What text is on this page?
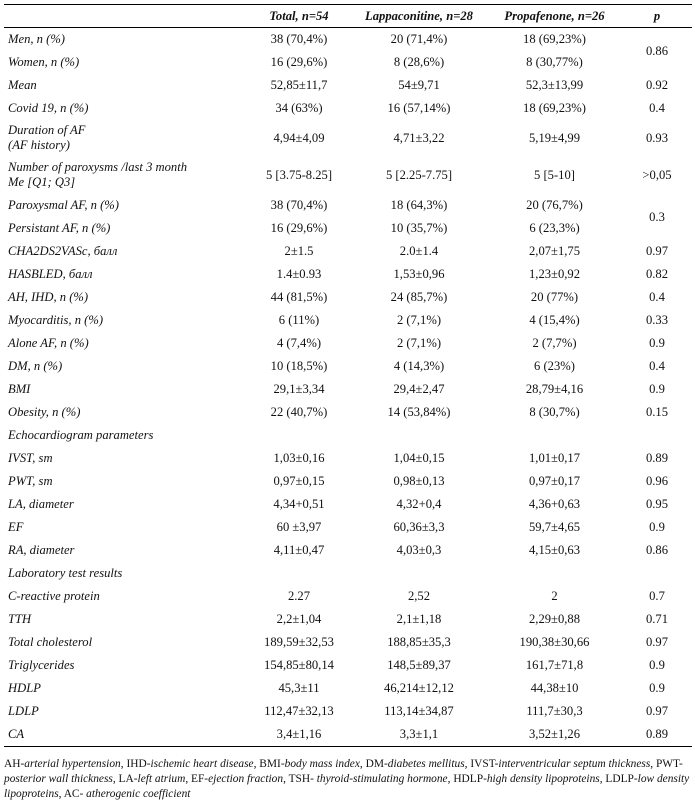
	Total, n=54	Lappaconitine, n=28	Propafenone, n=26	p
Men, n (%)	38 (70,4%)	20 (71,4%)	18 (69,23%)	0.86
Women, n (%)	16 (29,6%)	8 (28,6%)	8 (30,77%)	
Mean	52,85±11,7	54±9,71	52,3±13,99	0.92
Covid 19, n (%)	34 (63%)	16 (57,14%)	18 (69,23%)	0.4
Duration of AF
(AF history)	4,94±4,09	4,71±3,22	5,19±4,99	0.93
Number of paroxysms /last 3 month
Me [Q1; Q3]	5 [3.75-8.25]	5 [2.25-7.75]	5 [5-10]	>0,05
Paroxysmal AF, n (%)	38 (70,4%)	18 (64,3%)	20 (76,7%)	0.3
Persistant AF, n (%)	16 (29,6%)	10 (35,7%)	6 (23,3%)	
CHA2DS2VASc, балл	2±1.5	2.0±1.4	2,07±1,75	0.97
HASBLED, балл	1.4±0.93	1,53±0,96	1,23±0,92	0.82
AH, IHD, n (%)	44 (81,5%)	24 (85,7%)	20 (77%)	0.4
Myocarditis, n (%)	6 (11%)	2 (7,1%)	4 (15,4%)	0.33
Alone AF, n (%)	4 (7,4%)	2 (7,1%)	2 (7,7%)	0.9
DM, n (%)	10 (18,5%)	4 (14,3%)	6 (23%)	0.4
BMI	29,1±3,34	29,4±2,47	28,79±4,16	0.9
Obesity, n (%)	22 (40,7%)	14 (53,84%)	8 (30,7%)	0.15
Echocardiogram parameters				
IVST, sm	1,03±0,16	1,04±0,15	1,01±0,17	0.89
PWT, sm	0,97±0,15	0,98±0,13	0,97±0,17	0.96
LA, diameter	4,34+0,51	4,32+0,4	4,36+0,63	0.95
EF	60 ±3,97	60,36±3,3	59,7±4,65	0.9
RA, diameter	4,11±0,47	4,03±0,3	4,15±0,63	0.86
Laboratory test results				
C-reactive protein	2.27	2,52	2	0.7
TTH	2,2±1,04	2,1±1,18	2,29±0,88	0.71
Total cholesterol	189,59±32,53	188,85±35,3	190,38±30,66	0.97
Triglycerides	154,85±80,14	148,5±89,37	161,7±71,8	0.9
HDLP	45,3±11	46,214±12,12	44,38±10	0.9
LDLP	112,47±32,13	113,14±34,87	111,7±30,3	0.97
CA	3,4±1,16	3,3±1,1	3,52±1,26	0.89
AH-arterial hypertension, IHD-ischemic heart disease, BMI-body mass index, DM-diabetes mellitus, IVST-interventricular septum thickness, PWT-posterior wall thickness, LA-left atrium, EF-ejection fraction, TSH- thyroid-stimulating hormone, HDLP-high density lipoproteins, LDLP-low density lipoproteins, AC- atherogenic coefficient
